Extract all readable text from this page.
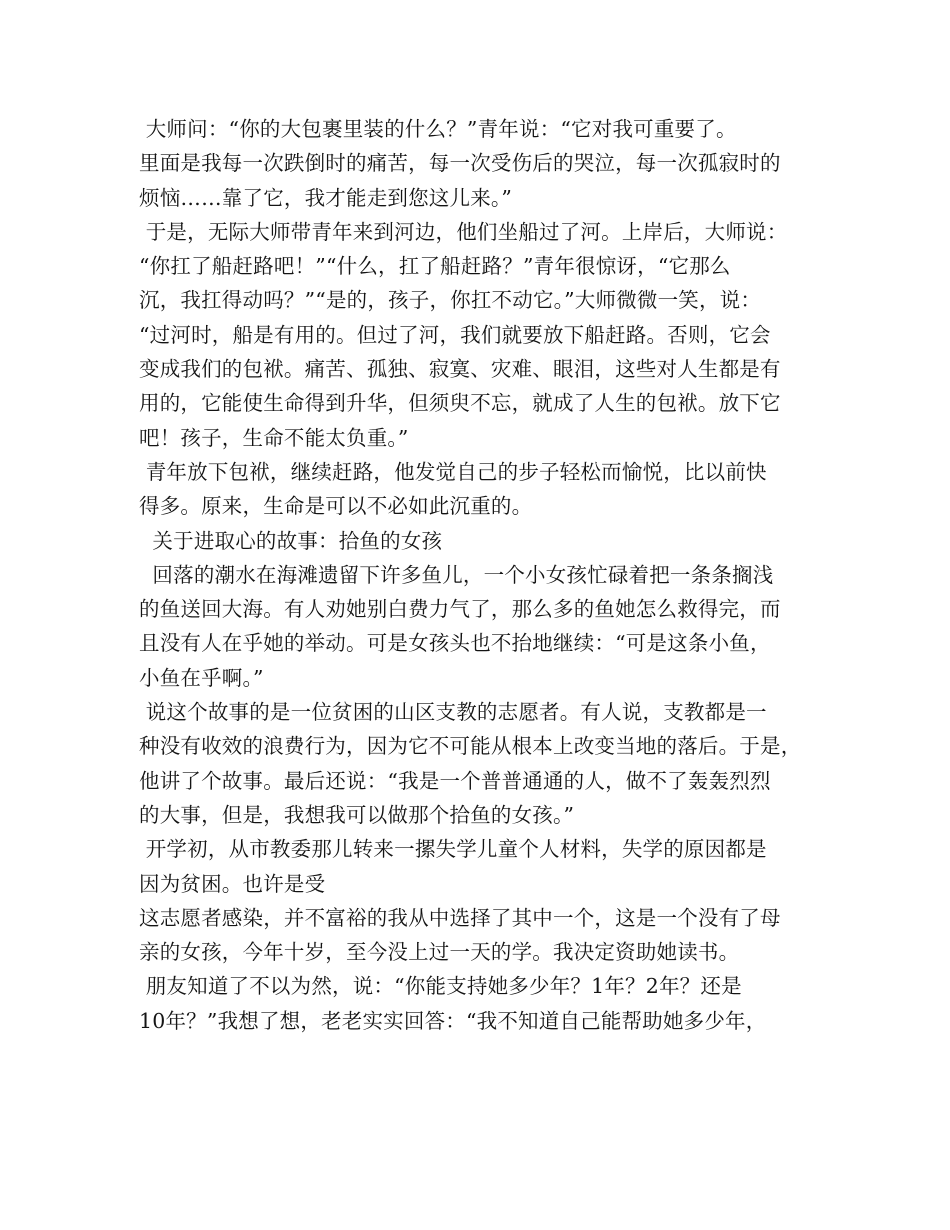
大师问：“你的大包裹里装的什么？”青年说：“它对我可重要了。
里面是我每一次跌倒时的痛苦，每一次受伤后的哭泣，每一次孤寂时的
烦恼……靠了它，我才能走到您这儿来。”
于是，无际大师带青年来到河边，他们坐船过了河。上岸后，大师说：
“你扛了船赶路吧！”“什么，扛了船赶路？”青年很惊讶，“它那么
沉，我扛得动吗？”“是的，孩子，你扛不动它。”大师微微一笑，说：
“过河时，船是有用的。但过了河，我们就要放下船赶路。否则，它会
变成我们的包袱。痛苦、孤独、寂寞、灾难、眼泪，这些对人生都是有
用的，它能使生命得到升华，但须臾不忘，就成了人生的包袱。放下它
吧！孩子，生命不能太负重。”
青年放下包袱，继续赶路，他发觉自己的步子轻松而愉悦，比以前快
得多。原来，生命是可以不必如此沉重的。
关于进取心的故事：拾鱼的女孩
回落的潮水在海滩遗留下许多鱼儿，一个小女孩忙碌着把一条条搁浅
的鱼送回大海。有人劝她别白费力气了，那么多的鱼她怎么救得完，而
且没有人在乎她的举动。可是女孩头也不抬地继续：“可是这条小鱼，
小鱼在乎啊。”
说这个故事的是一位贫困的山区支教的志愿者。有人说，支教都是一
种没有收效的浪费行为，因为它不可能从根本上改变当地的落后。于是，
他讲了个故事。最后还说：“我是一个普普通通的人，做不了轰轰烈烈
的大事，但是，我想我可以做那个拾鱼的女孩。”
开学初，从市教委那儿转来一摞失学儿童个人材料，失学的原因都是
因为贫困。也许是受
这志愿者感染，并不富裕的我从中选择了其中一个，这是一个没有了母
亲的女孩，今年十岁，至今没上过一天的学。我决定资助她读书。
朋友知道了不以为然，说：“你能支持她多少年？1年？2年？还是
10年？”我想了想，老老实实回答：“我不知道自己能帮助她多少年，
